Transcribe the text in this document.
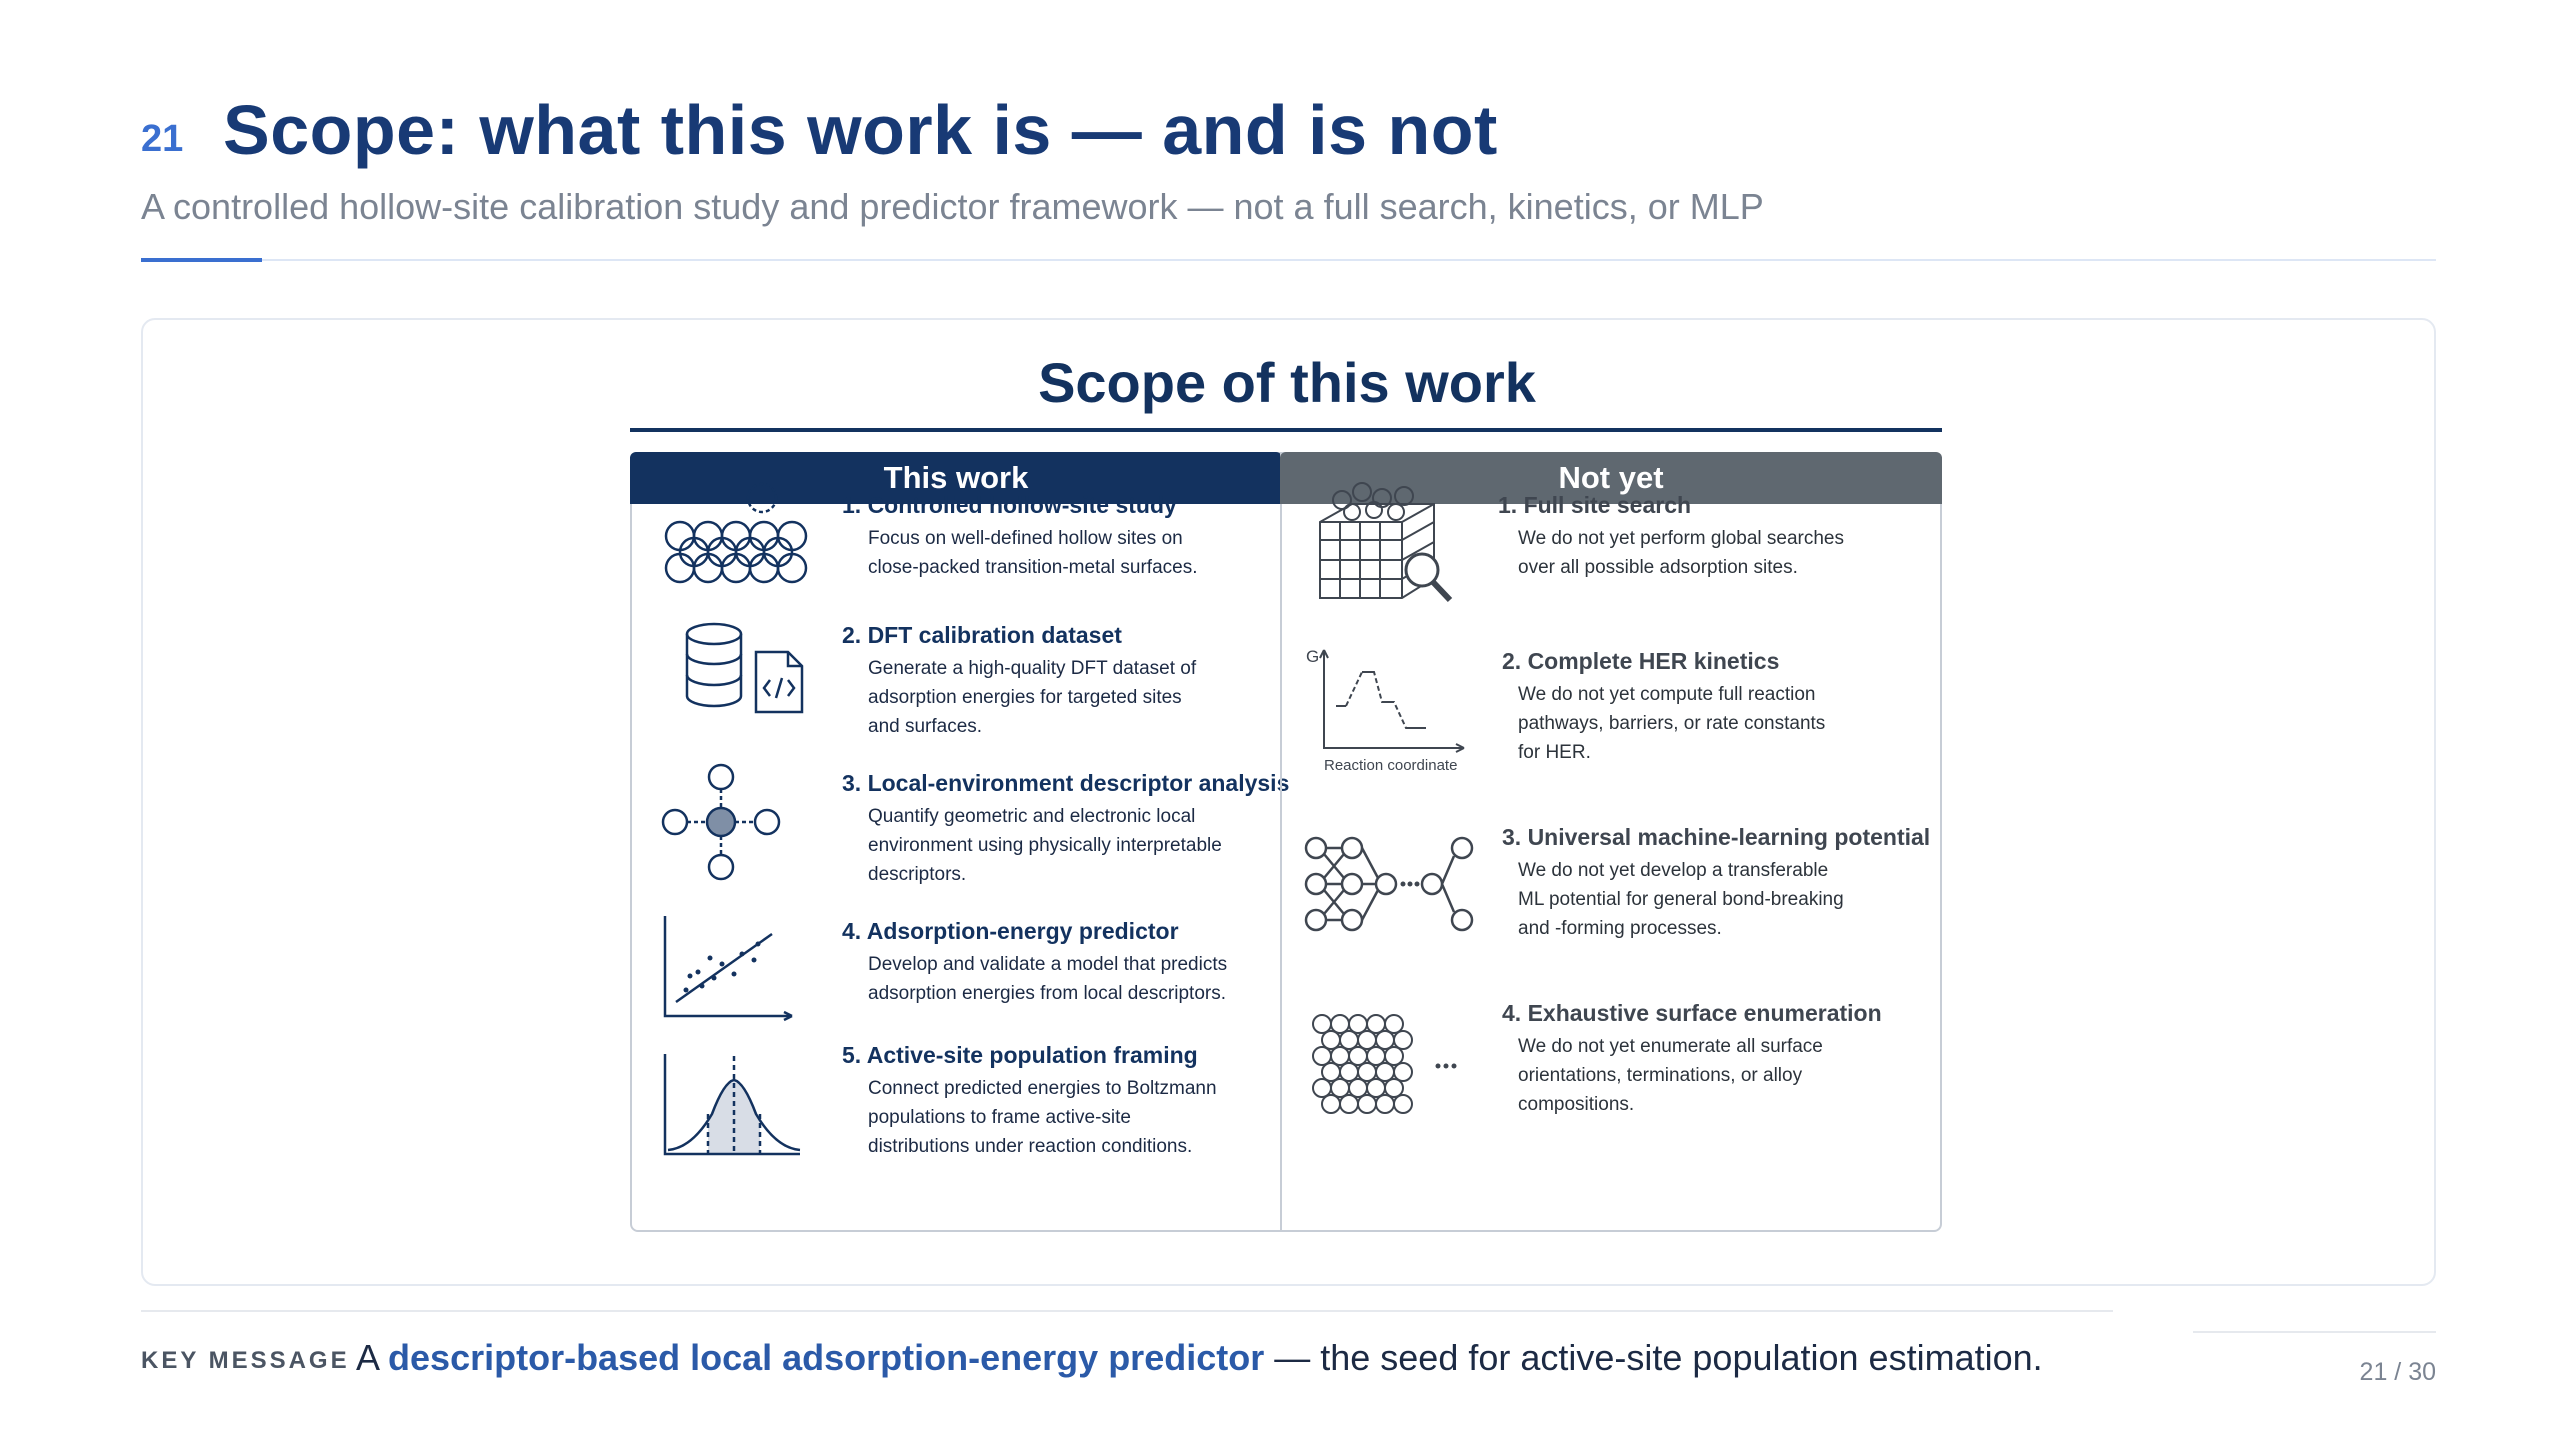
21 Scope: what this work is — and is not
A controlled hollow-site calibration study and predictor framework — not a full search, kinetics, or MLP
Scope of this work
This work
1. Controlled hollow-site study
Focus on well-defined hollow sites on
close-packed transition-metal surfaces.
2. DFT calibration dataset
Generate a high-quality DFT dataset of
adsorption energies for targeted sites
and surfaces.
3. Local-environment descriptor analysis
Quantify geometric and electronic local
environment using physically interpretable
descriptors.
4. Adsorption-energy predictor
Develop and validate a model that predicts
adsorption energies from local descriptors.
5. Active-site population framing
Connect predicted energies to Boltzmann
populations to frame active-site
distributions under reaction conditions.
Not yet
1. Full site search
We do not yet perform global searches
over all possible adsorption sites.
G
Reaction coordinate
2. Complete HER kinetics
We do not yet compute full reaction
pathways, barriers, or rate constants
for HER.
3. Universal machine-learning potential
We do not yet develop a transferable
ML potential for general bond-breaking
and -forming processes.
4. Exhaustive surface enumeration
We do not yet enumerate all surface
orientations, terminations, or alloy
compositions.
KEY MESSAGE A descriptor-based local adsorption-energy predictor — the seed for active-site population estimation.	21 / 30
